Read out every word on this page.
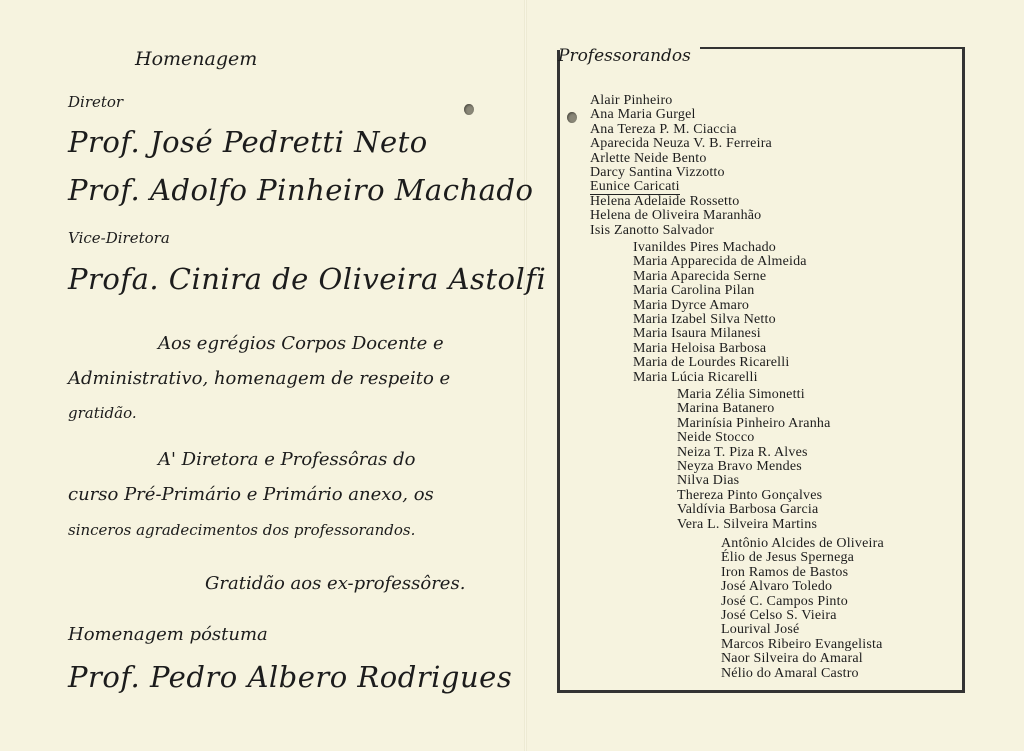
Homenagem
Diretor
Prof. José Pedretti Neto
Prof. Adolfo Pinheiro Machado
Vice-Diretora
Profa. Cinira de Oliveira Astolfi
Aos egrégios Corpos Docente e
Administrativo, homenagem de respeito e
gratidão.
A' Diretora e Professôras do
curso Pré-Primário e Primário anexo, os
sinceros agradecimentos dos professorandos.
Gratidão aos ex-professôres.
Homenagem póstuma
Prof. Pedro Albero Rodrigues
Professorandos
Alair Pinheiro
Ana Maria Gurgel
Ana Tereza P. M. Ciaccia
Aparecida Neuza V. B. Ferreira
Arlette Neide Bento
Darcy Santina Vizzotto
Eunice Caricati
Helena Adelaide Rossetto
Helena de Oliveira Maranhão
Isis Zanotto Salvador
Ivanildes Pires Machado
Maria Apparecida de Almeida
Maria Aparecida Serne
Maria Carolina Pilan
Maria Dyrce Amaro
Maria Izabel Silva Netto
Maria Isaura Milanesi
Maria Heloisa Barbosa
Maria de Lourdes Ricarelli
Maria Lúcia Ricarelli
Maria Zélia Simonetti
Marina Batanero
Marinísia Pinheiro Aranha
Neide Stocco
Neiza T. Piza R. Alves
Neyza Bravo Mendes
Nilva Dias
Thereza Pinto Gonçalves
Valdívia Barbosa Garcia
Vera L. Silveira Martins
Antônio Alcides de Oliveira
Élio de Jesus Spernega
Iron Ramos de Bastos
José Alvaro Toledo
José C. Campos Pinto
José Celso S. Vieira
Lourival José
Marcos Ribeiro Evangelista
Naor Silveira do Amaral
Nélio do Amaral Castro
